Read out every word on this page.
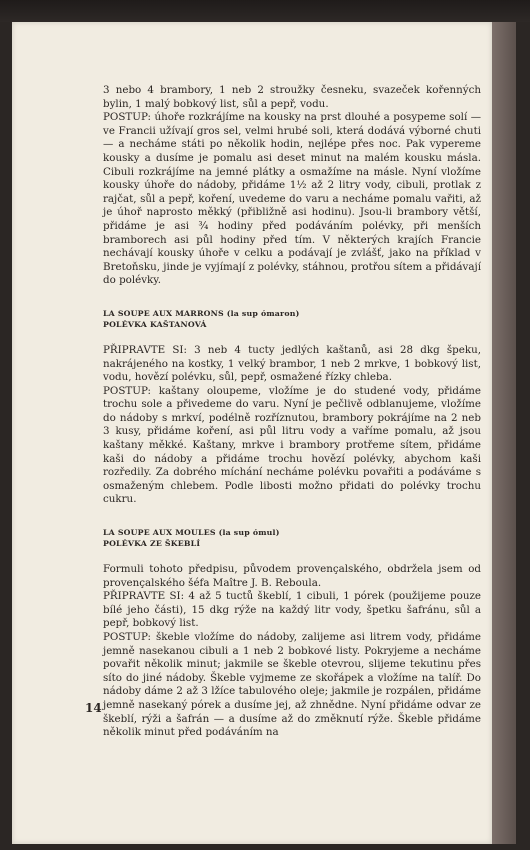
3 nebo 4 brambory, 1 neb 2 stroužky česneku, svazeček kořenných bylin, 1 malý bobkový list, sůl a pepř, vodu.

POSTUP: úhoře rozkrájíme na kousky na prst dlouhé a posypeme solí — ve Francii užívají gros sel, velmi hrubé soli, která dodává výborné chuti — a necháme státi po několik hodin, nejlépe přes noc. Pak vypereme kousky a dusíme je pomalu asi deset minut na malém kousku másla. Cibuli rozkrájíme na jemné plátky a osmažíme na másle. Nyní vložíme kousky úhoře do nádoby, přidáme 1½ až 2 litry vody, cibuli, protlak z rajčat, sůl a pepř, koření, uvedeme do varu a necháme pomalu vařiti, až je úhoř naprosto měkký (přibližně asi hodinu). Jsou-li brambory větší, přidáme je asi ¾ hodiny před podáváním polévky, při menších bramborech asi půl hodiny před tím. V některých krajích Francie nechávají kousky úhoře v celku a podávají je zvlášť, jako na příklad v Bretoňsku, jinde je vyjímají z polévky, stáhnou, protřou sítem a přidávají do polévky.

LA SOUPE AUX MARRONS (la sup ómaron)

POLÉVKA KAŠTANOVÁ

PŘIPRAVTE SI: 3 neb 4 tucty jedlých kaštanů, asi 28 dkg špeku, nakrájeného na kostky, 1 velký brambor, 1 neb 2 mrkve, 1 bobkový list, vodu, hovězí polévku, sůl, pepř, osmažené řízky chleba.

POSTUP: kaštany oloupeme, vložíme je do studené vody, přidáme trochu sole a přivedeme do varu. Nyní je pečlivě odblanujeme, vložíme do nádoby s mrkví, podélně rozříznutou, brambory pokrájíme na 2 neb 3 kusy, přidáme koření, asi půl litru vody a vaříme pomalu, až jsou kaštany měkké. Kaštany, mrkve i brambory protřeme sítem, přidáme kaši do nádoby a přidáme trochu hovězí polévky, abychom kaši rozředily. Za dobrého míchání necháme polévku povařiti a podáváme s osmaženým chlebem. Podle libosti možno přidati do polévky trochu cukru.

LA SOUPE AUX MOULES (la sup ómul)

POLÉVKA ZE ŠKEBLÍ

Formuli tohoto předpisu, původem provençalského, obdržela jsem od provençalského šéfa Maître J. B. Reboula.

PŘIPRAVTE SI: 4 až 5 tuctů škeblí, 1 cibuli, 1 pórek (použijeme pouze bílé jeho části), 15 dkg rýže na každý litr vody, špetku šafránu, sůl a pepř, bobkový list.

POSTUP: škeble vložíme do nádoby, zalijeme asi litrem vody, přidáme jemně nasekanou cibuli a 1 neb 2 bobkové listy. Pokryjeme a necháme povařit několik minut; jakmile se škeble otevrou, slijeme tekutinu přes síto do jiné nádoby. Škeble vyjmeme ze skořápek a vložíme na talíř. Do nádoby dáme 2 až 3 lžíce tabulového oleje; jakmile je rozpálen, přidáme jemně nasekaný pórek a dusíme jej, až zhnědne. Nyní přidáme odvar ze škeblí, rýži a šafrán — a dusíme až do změknutí rýže. Škeble přidáme několik minut před podáváním na

14
